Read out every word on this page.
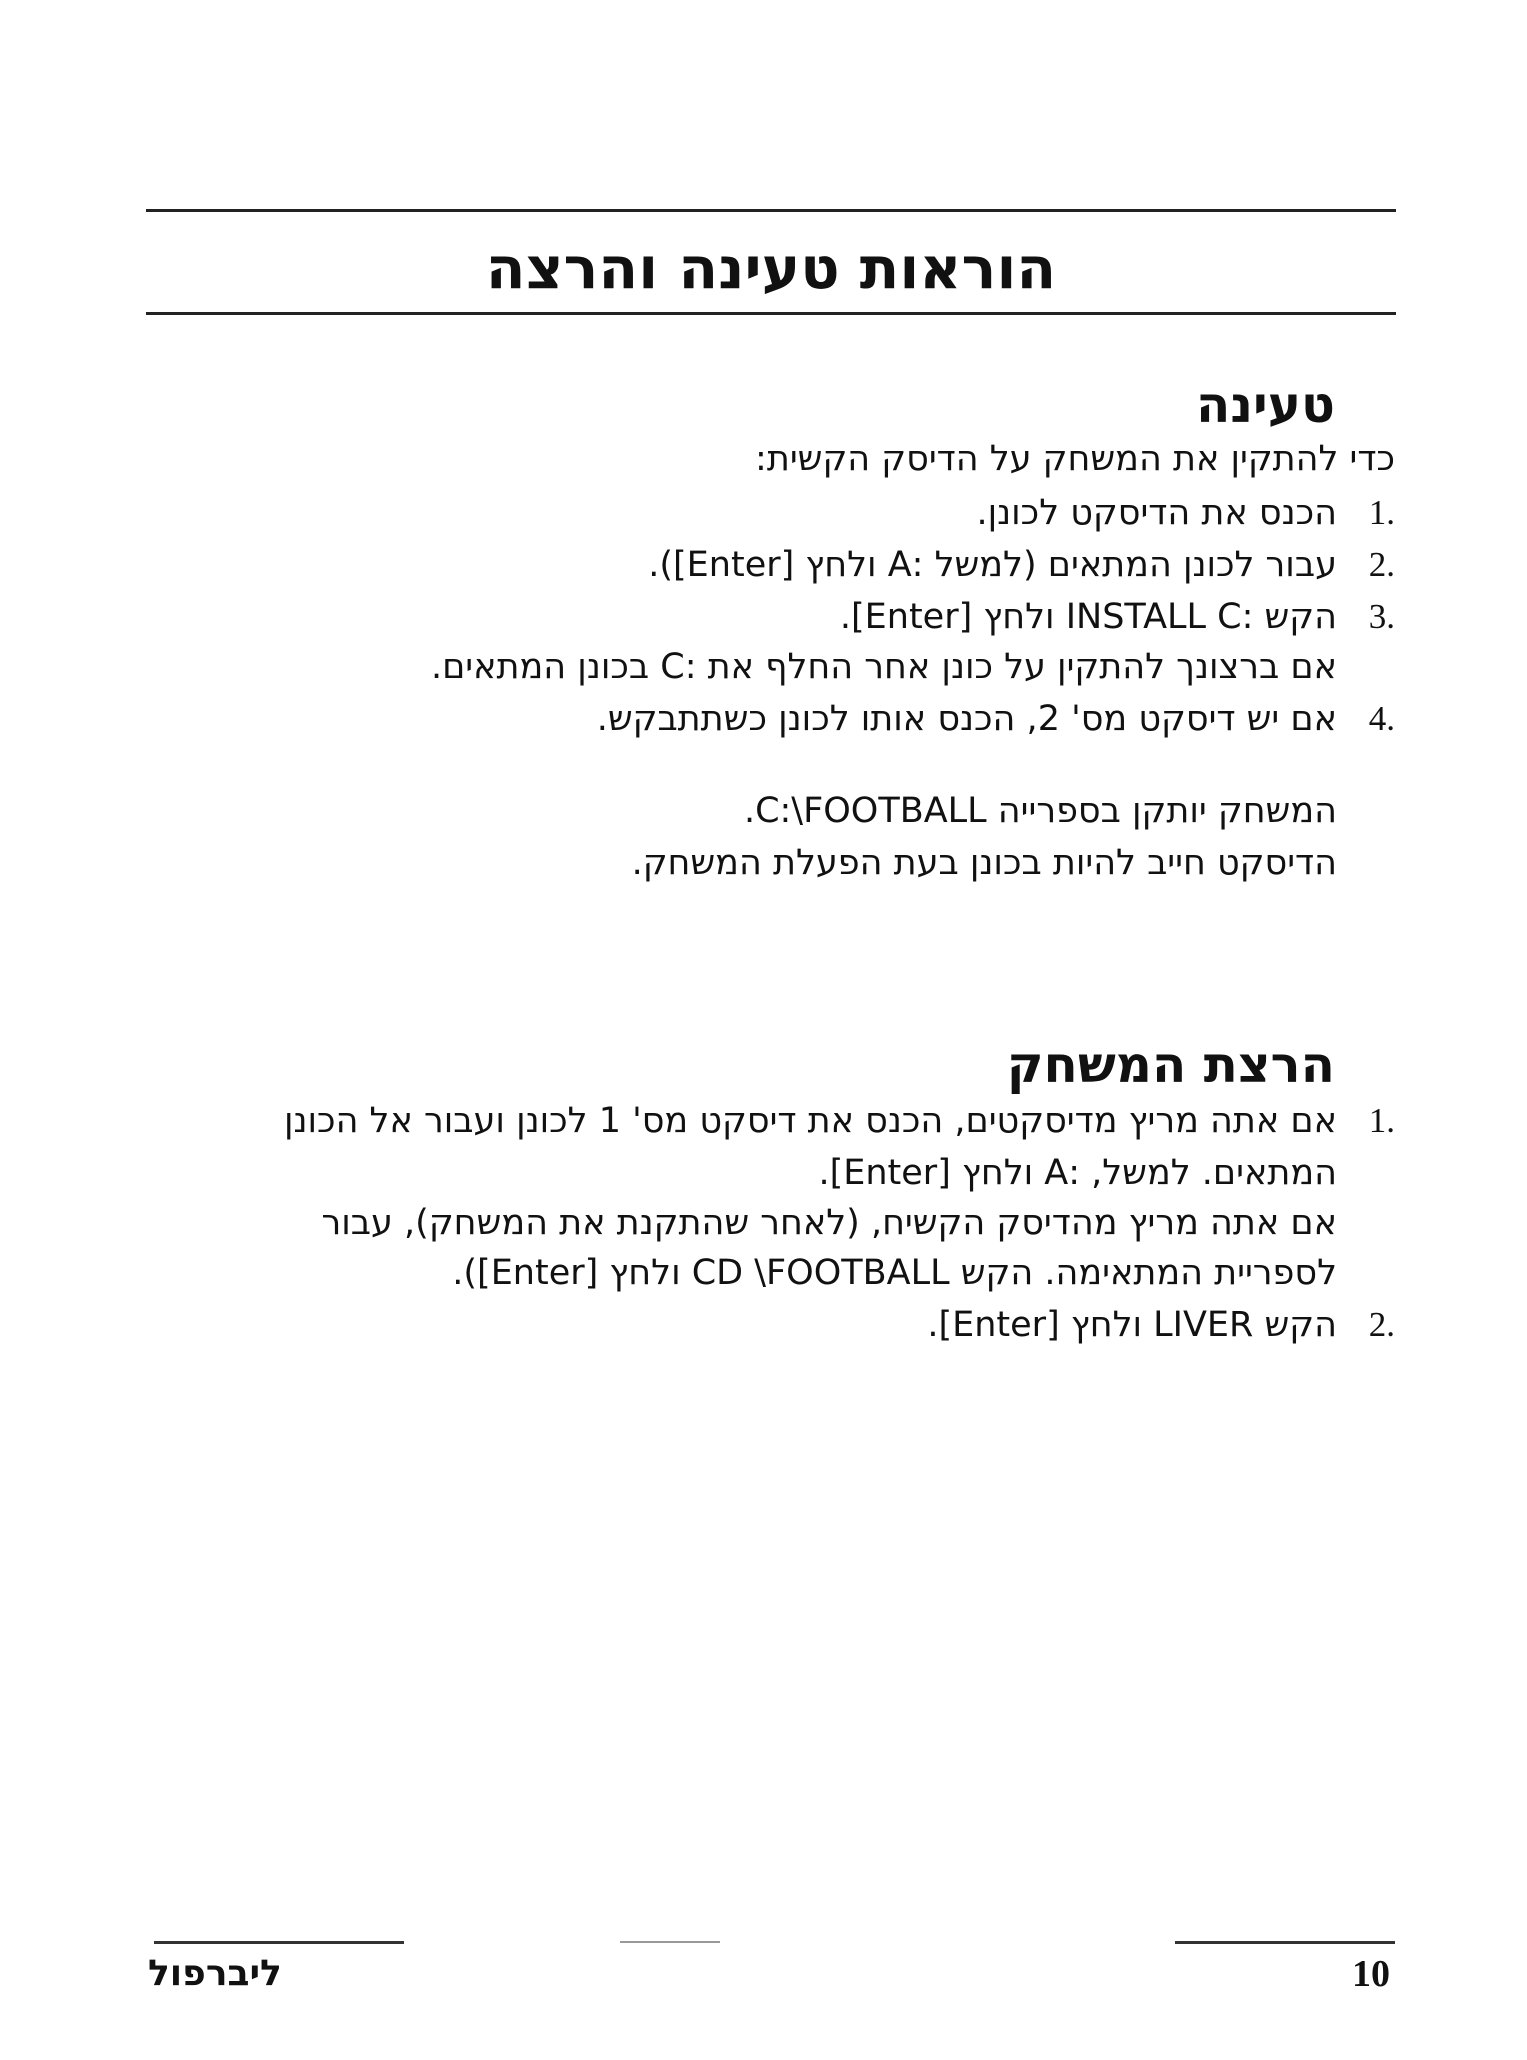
הוראות טעינה והרצה
טעינה
כדי להתקין את המשחק על הדיסק הקשית:
.1הכנס את הדיסקט לכונן.
.2עבור לכונן המתאים (למשל :A ולחץ [Enter]).
.3הקש :INSTALL C ולחץ [Enter].
אם ברצונך להתקין על כונן אחר החלף את :C בכונן המתאים.
.4אם יש דיסקט מס' 2, הכנס אותו לכונן כשתתבקש.
המשחק יותקן בספרייה C:\FOOTBALL.
הדיסקט חייב להיות בכונן בעת הפעלת המשחק.
הרצת המשחק
.1אם אתה מריץ מדיסקטים, הכנס את דיסקט מס' 1 לכונן ועבור אל הכונן
המתאים. למשל, :A ולחץ [Enter].
אם אתה מריץ מהדיסק הקשיח, (לאחר שהתקנת את המשחק), עבור
לספריית המתאימה. הקש CD \FOOTBALL ולחץ [Enter]).
.2הקש LIVER ולחץ [Enter].
ליברפול	10
